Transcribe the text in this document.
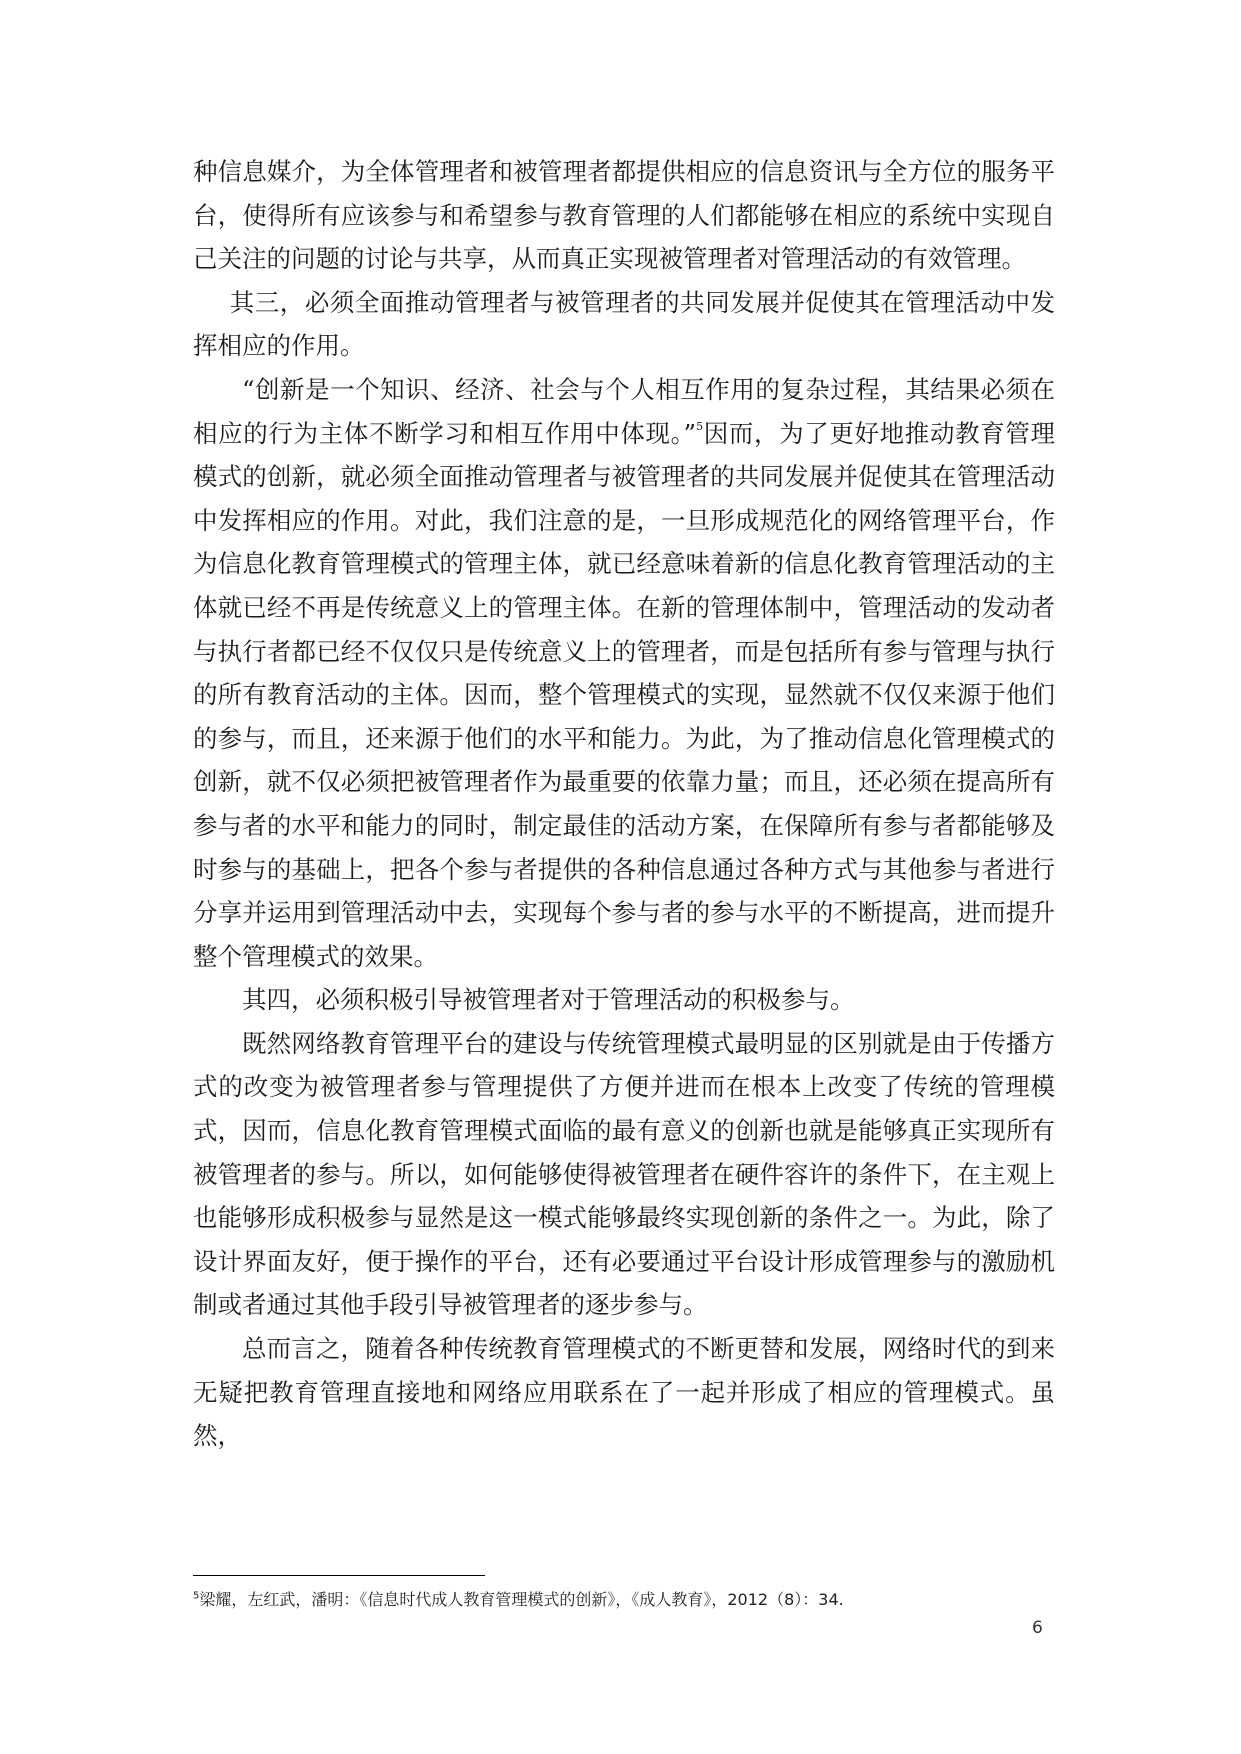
种信息媒介，为全体管理者和被管理者都提供相应的信息资讯与全方位的服务平台，使得所有应该参与和希望参与教育管理的人们都能够在相应的系统中实现自己关注的问题的讨论与共享，从而真正实现被管理者对管理活动的有效管理。

其三，必须全面推动管理者与被管理者的共同发展并促使其在管理活动中发挥相应的作用。

“创新是一个知识、经济、社会与个人相互作用的复杂过程，其结果必须在相应的行为主体不断学习和相互作用中体现。”$^5$因而，为了更好地推动教育管理模式的创新，就必须全面推动管理者与被管理者的共同发展并促使其在管理活动中发挥相应的作用。对此，我们注意的是，一旦形成规范化的网络管理平台，作为信息化教育管理模式的管理主体，就已经意味着新的信息化教育管理活动的主体就已经不再是传统意义上的管理主体。在新的管理体制中，管理活动的发动者与执行者都已经不仅仅只是传统意义上的管理者，而是包括所有参与管理与执行的所有教育活动的主体。因而，整个管理模式的实现，显然就不仅仅来源于他们的参与，而且，还来源于他们的水平和能力。为此，为了推动信息化管理模式的创新，就不仅必须把被管理者作为最重要的依靠力量；而且，还必须在提高所有参与者的水平和能力的同时，制定最佳的活动方案，在保障所有参与者都能够及时参与的基础上，把各个参与者提供的各种信息通过各种方式与其他参与者进行分享并运用到管理活动中去，实现每个参与者的参与水平的不断提高，进而提升整个管理模式的效果。

其四，必须积极引导被管理者对于管理活动的积极参与。

既然网络教育管理平台的建设与传统管理模式最明显的区别就是由于传播方式的改变为被管理者参与管理提供了方便并进而在根本上改变了传统的管理模式，因而，信息化教育管理模式面临的最有意义的创新也就是能够真正实现所有被管理者的参与。所以，如何能够使得被管理者在硬件容许的条件下，在主观上也能够形成积极参与显然是这一模式能够最终实现创新的条件之一。为此，除了设计界面友好，便于操作的平台，还有必要通过平台设计形成管理参与的激励机制或者通过其他手段引导被管理者的逐步参与。

总而言之，随着各种传统教育管理模式的不断更替和发展，网络时代的到来无疑把教育管理直接地和网络应用联系在了一起并形成了相应的管理模式。虽然，

$^5$梁耀，左红武，潘明：《信息时代成人教育管理模式的创新》，《成人教育》，2012（8）：34.
6
